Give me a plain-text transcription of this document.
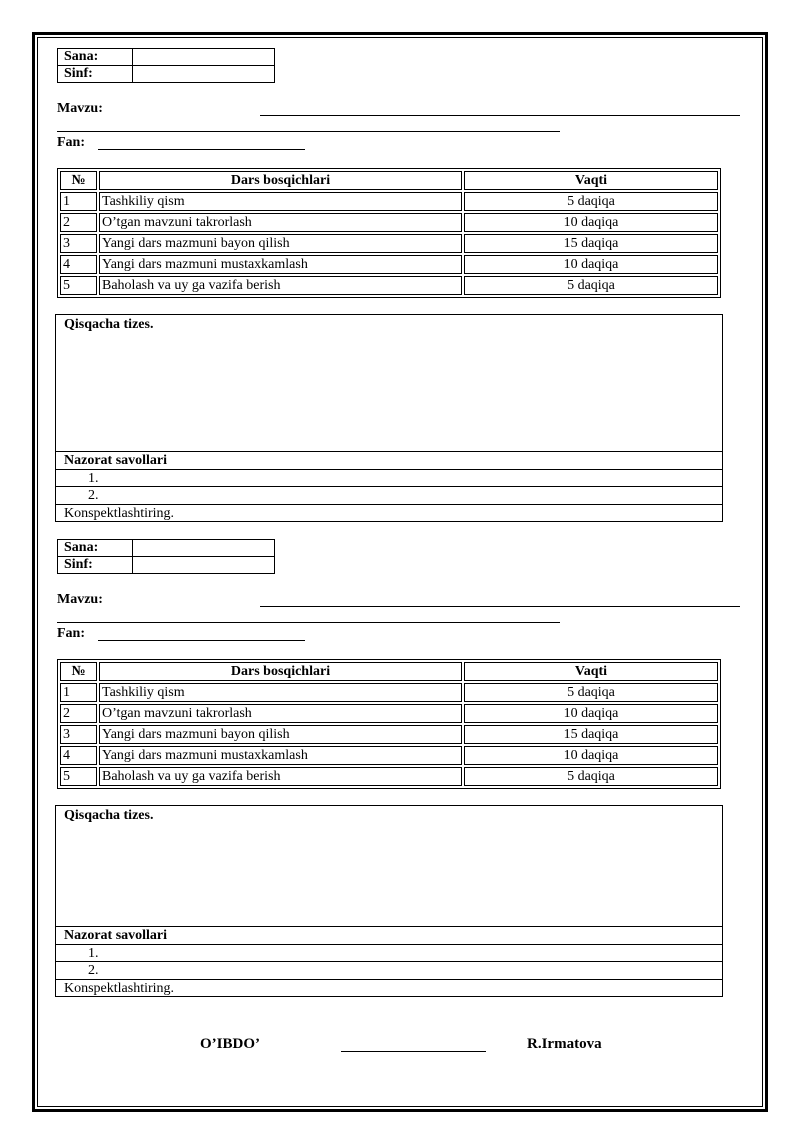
Sana:	
Sinf:	
Mavzu:
Fan:
№	Dars bosqichlari	Vaqti
1	Tashkiliy qism	5 daqiqa
2	O’tgan mavzuni takrorlash	10 daqiqa
3	Yangi dars mazmuni bayon qilish	15 daqiqa
4	Yangi dars mazmuni mustaxkamlash	10 daqiqa
5	Baholash va uy ga vazifa berish	5 daqiqa
Qisqacha tizes.
Nazorat savollari
1.
2.
Konspektlashtiring.
Sana:	
Sinf:	
Mavzu:
Fan:
№	Dars bosqichlari	Vaqti
1	Tashkiliy qism	5 daqiqa
2	O’tgan mavzuni takrorlash	10 daqiqa
3	Yangi dars mazmuni bayon qilish	15 daqiqa
4	Yangi dars mazmuni mustaxkamlash	10 daqiqa
5	Baholash va uy ga vazifa berish	5 daqiqa
Qisqacha tizes.
Nazorat savollari
1.
2.
Konspektlashtiring.
O’IBDO’	R.Irmatova
